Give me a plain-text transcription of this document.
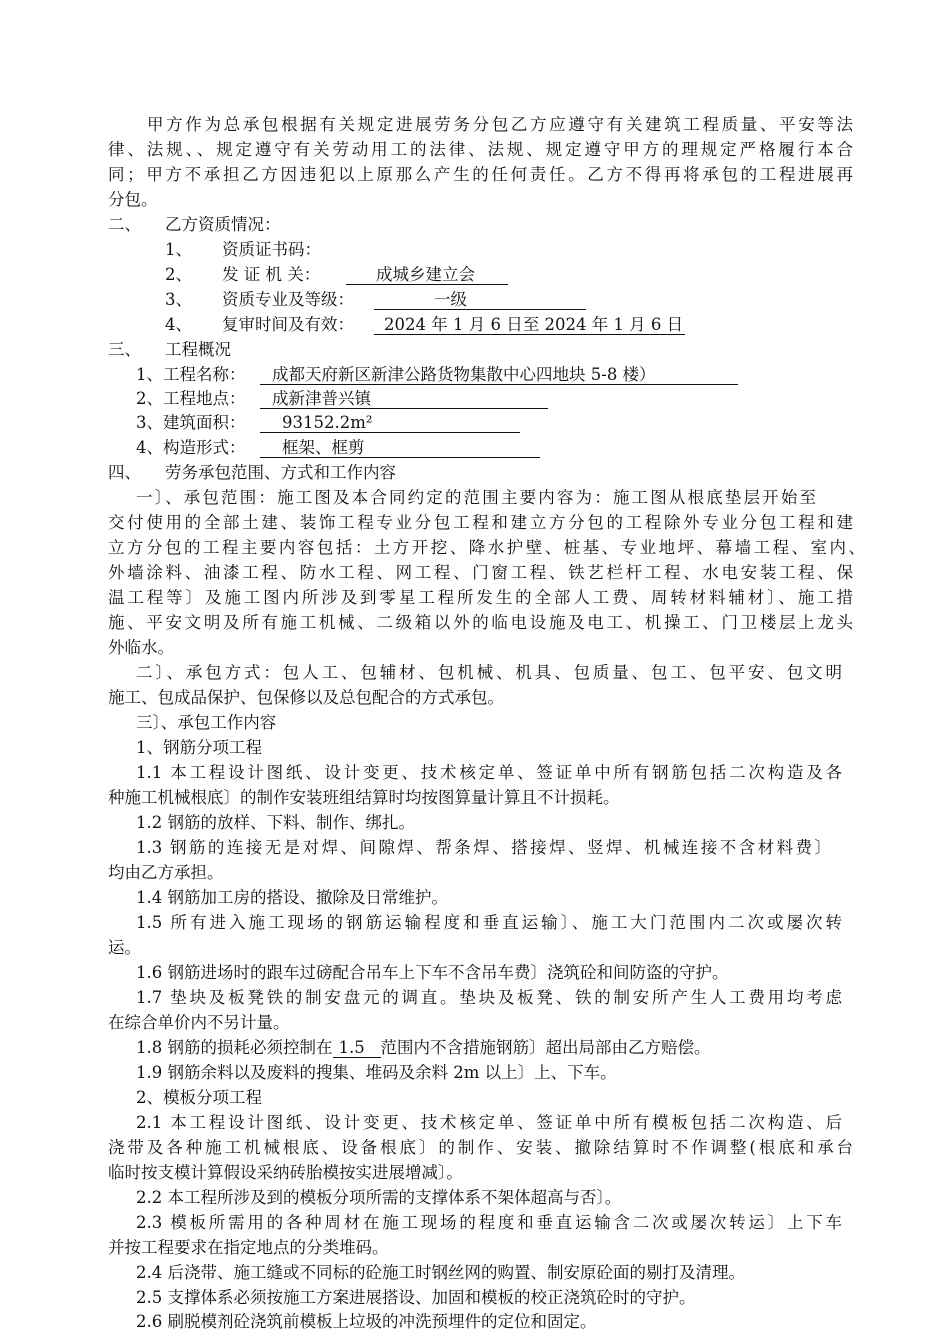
甲方作为总承包根据有关规定进展劳务分包乙方应遵守有关建筑工程质量、平安等法
律、法规、、规定遵守有关劳动用工的法律、法规、规定遵守甲方的理规定严格履行本合
同；甲方不承担乙方因违犯以上原那么产生的任何责任。乙方不得再将承包的工程进展再
分包。
二、 乙方资质情况：
1、 资质证书码：
2、 发 证 机 关：	成城乡建立会
3、 资质专业及等级：	一级
4、 复审时间及有效：	2024 年 1 月 6 日至 2024 年 1 月 6 日
三、 工程概况
1、工程名称：	成都天府新区新津公路货物集散中心四地块 5-8 楼）
2、工程地点：	成新津普兴镇
3、建筑面积：	93152.2m²
4、构造形式：	框架、框剪
四、 劳务承包范围、方式和工作内容
一〕、承包范围：施工图及本合同约定的范围主要内容为：施工图从根底垫层开始至
交付使用的全部土建、装饰工程专业分包工程和建立方分包的工程除外专业分包工程和建
立方分包的工程主要内容包括：土方开挖、降水护壁、桩基、专业地坪、幕墙工程、室内、
外墙涂料、油漆工程、防水工程、网工程、门窗工程、铁艺栏杆工程、水电安装工程、保
温工程等〕及施工图内所涉及到零星工程所发生的全部人工费、周转材料辅材〕、施工措
施、平安文明及所有施工机械、二级箱以外的临电设施及电工、机操工、门卫楼层上龙头
外临水。
二〕、承包方式：包人工、包辅材、包机械、机具、包质量、包工、包平安、包文明
施工、包成品保护、包保修以及总包配合的方式承包。
三〕、承包工作内容
1、钢筋分项工程
1.1 本工程设计图纸、设计变更、技术核定单、签证单中所有钢筋包括二次构造及各
种施工机械根底〕的制作安装班组结算时均按图算量计算且不计损耗。
1.2 钢筋的放样、下料、制作、绑扎。
1.3 钢筋的连接无是对焊、间隙焊、帮条焊、搭接焊、竖焊、机械连接不含材料费〕
均由乙方承担。
1.4 钢筋加工房的搭设、撤除及日常维护。
1.5 所有进入施工现场的钢筋运输程度和垂直运输〕、施工大门范围内二次或屡次转
运。
1.6 钢筋进场时的跟车过磅配合吊车上下车不含吊车费〕浇筑砼和间防盗的守护。
1.7 垫块及板凳铁的制安盘元的调直。垫块及板凳、铁的制安所产生人工费用均考虑
在综合单价内不另计量。
1.8 钢筋的损耗必须控制在 1.5 范围内不含措施钢筋〕超出局部由乙方赔偿。
1.9 钢筋余料以及废料的搜集、堆码及余料 2m 以上〕上、下车。
2、模板分项工程
2.1 本工程设计图纸、设计变更、技术核定单、签证单中所有模板包括二次构造、后
浇带及各种施工机械根底、设备根底〕的制作、安装、撤除结算时不作调整(根底和承台
临时按支模计算假设采纳砖胎模按实进展增减〕。
2.2 本工程所涉及到的模板分项所需的支撑体系不架体超高与否〕。
2.3 模板所需用的各种周材在施工现场的程度和垂直运输含二次或屡次转运〕上下车
并按工程要求在指定地点的分类堆码。
2.4 后浇带、施工缝或不同标的砼施工时钢丝网的购置、制安原砼面的剔打及清理。
2.5 支撑体系必须按施工方案进展搭设、加固和模板的校正浇筑砼时的守护。
2.6 刷脱模剂砼浇筑前模板上垃圾的冲洗预埋件的定位和固定。
